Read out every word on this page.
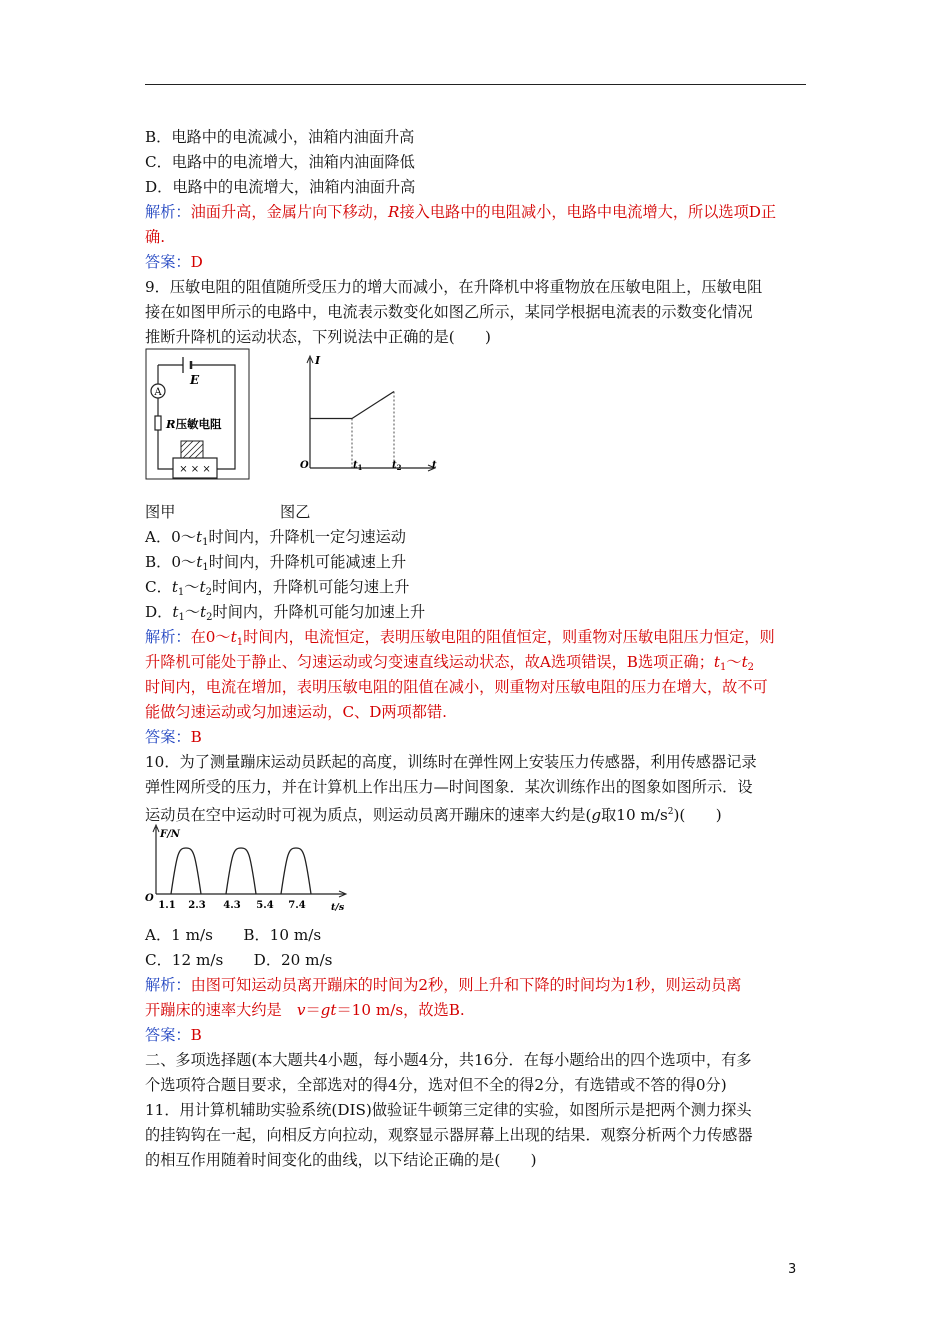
B．电路中的电流减小，油箱内油面升高
C．电路中的电流增大，油箱内油面降低
D．电路中的电流增大，油箱内油面升高
解析：油面升高，金属片向下移动，R接入电路中的电阻减小，电路中电流增大，所以选项D正
确.
答案：D
9．压敏电阻的阻值随所受压力的增大而减小，在升降机中将重物放在压敏电阻上，压敏电阻
接在如图甲所示的电路中，电流表示数变化如图乙所示，某同学根据电流表的示数变化情况
推断升降机的运动状态，下列说法中正确的是(　　)
E
A
R压敏电阻
× × ×
I
O	$t_1$	$t_2$	t
图甲	图乙
A．$0\sim t_1$时间内，升降机一定匀速运动
B．$0\sim t_1$时间内，升降机可能减速上升
C．$t_1\sim t_2$时间内，升降机可能匀速上升
D．$t_1\sim t_2$时间内，升降机可能匀加速上升
解析：在$0\sim t_1$时间内，电流恒定，表明压敏电阻的阻值恒定，则重物对压敏电阻压力恒定，则
升降机可能处于静止、匀速运动或匀变速直线运动状态，故A选项错误，B选项正确；$t_1\sim t_2$
时间内，电流在增加，表明压敏电阻的阻值在减小，则重物对压敏电阻的压力在增大，故不可
能做匀速运动或匀加速运动，C、D两项都错.
答案：B
10．为了测量蹦床运动员跃起的高度，训练时在弹性网上安装压力传感器，利用传感器记录
弹性网所受的压力，并在计算机上作出压力—时间图象．某次训练作出的图象如图所示．设
运动员在空中运动时可视为质点，则运动员离开蹦床的速率大约是(g取10 $m/s^2$)(　　)
F/N
O
1.1 2.3 4.3 5.4 7.4	t/s
A．1 m/s　　B．10 m/s
C．12 m/s　　D．20 m/s
解析：由图可知运动员离开蹦床的时间为2秒，则上升和下降的时间均为1秒，则运动员离
开蹦床的速率大约是　v＝gt＝10 m/s，故选B.
答案：B
二、多项选择题(本大题共4小题，每小题4分，共16分．在每小题给出的四个选项中，有多
个选项符合题目要求，全部选对的得4分，选对但不全的得2分，有选错或不答的得0分)
11．用计算机辅助实验系统(DIS)做验证牛顿第三定律的实验，如图所示是把两个测力探头
的挂钩钩在一起，向相反方向拉动，观察显示器屏幕上出现的结果．观察分析两个力传感器
的相互作用随着时间变化的曲线，以下结论正确的是(　　)
3
